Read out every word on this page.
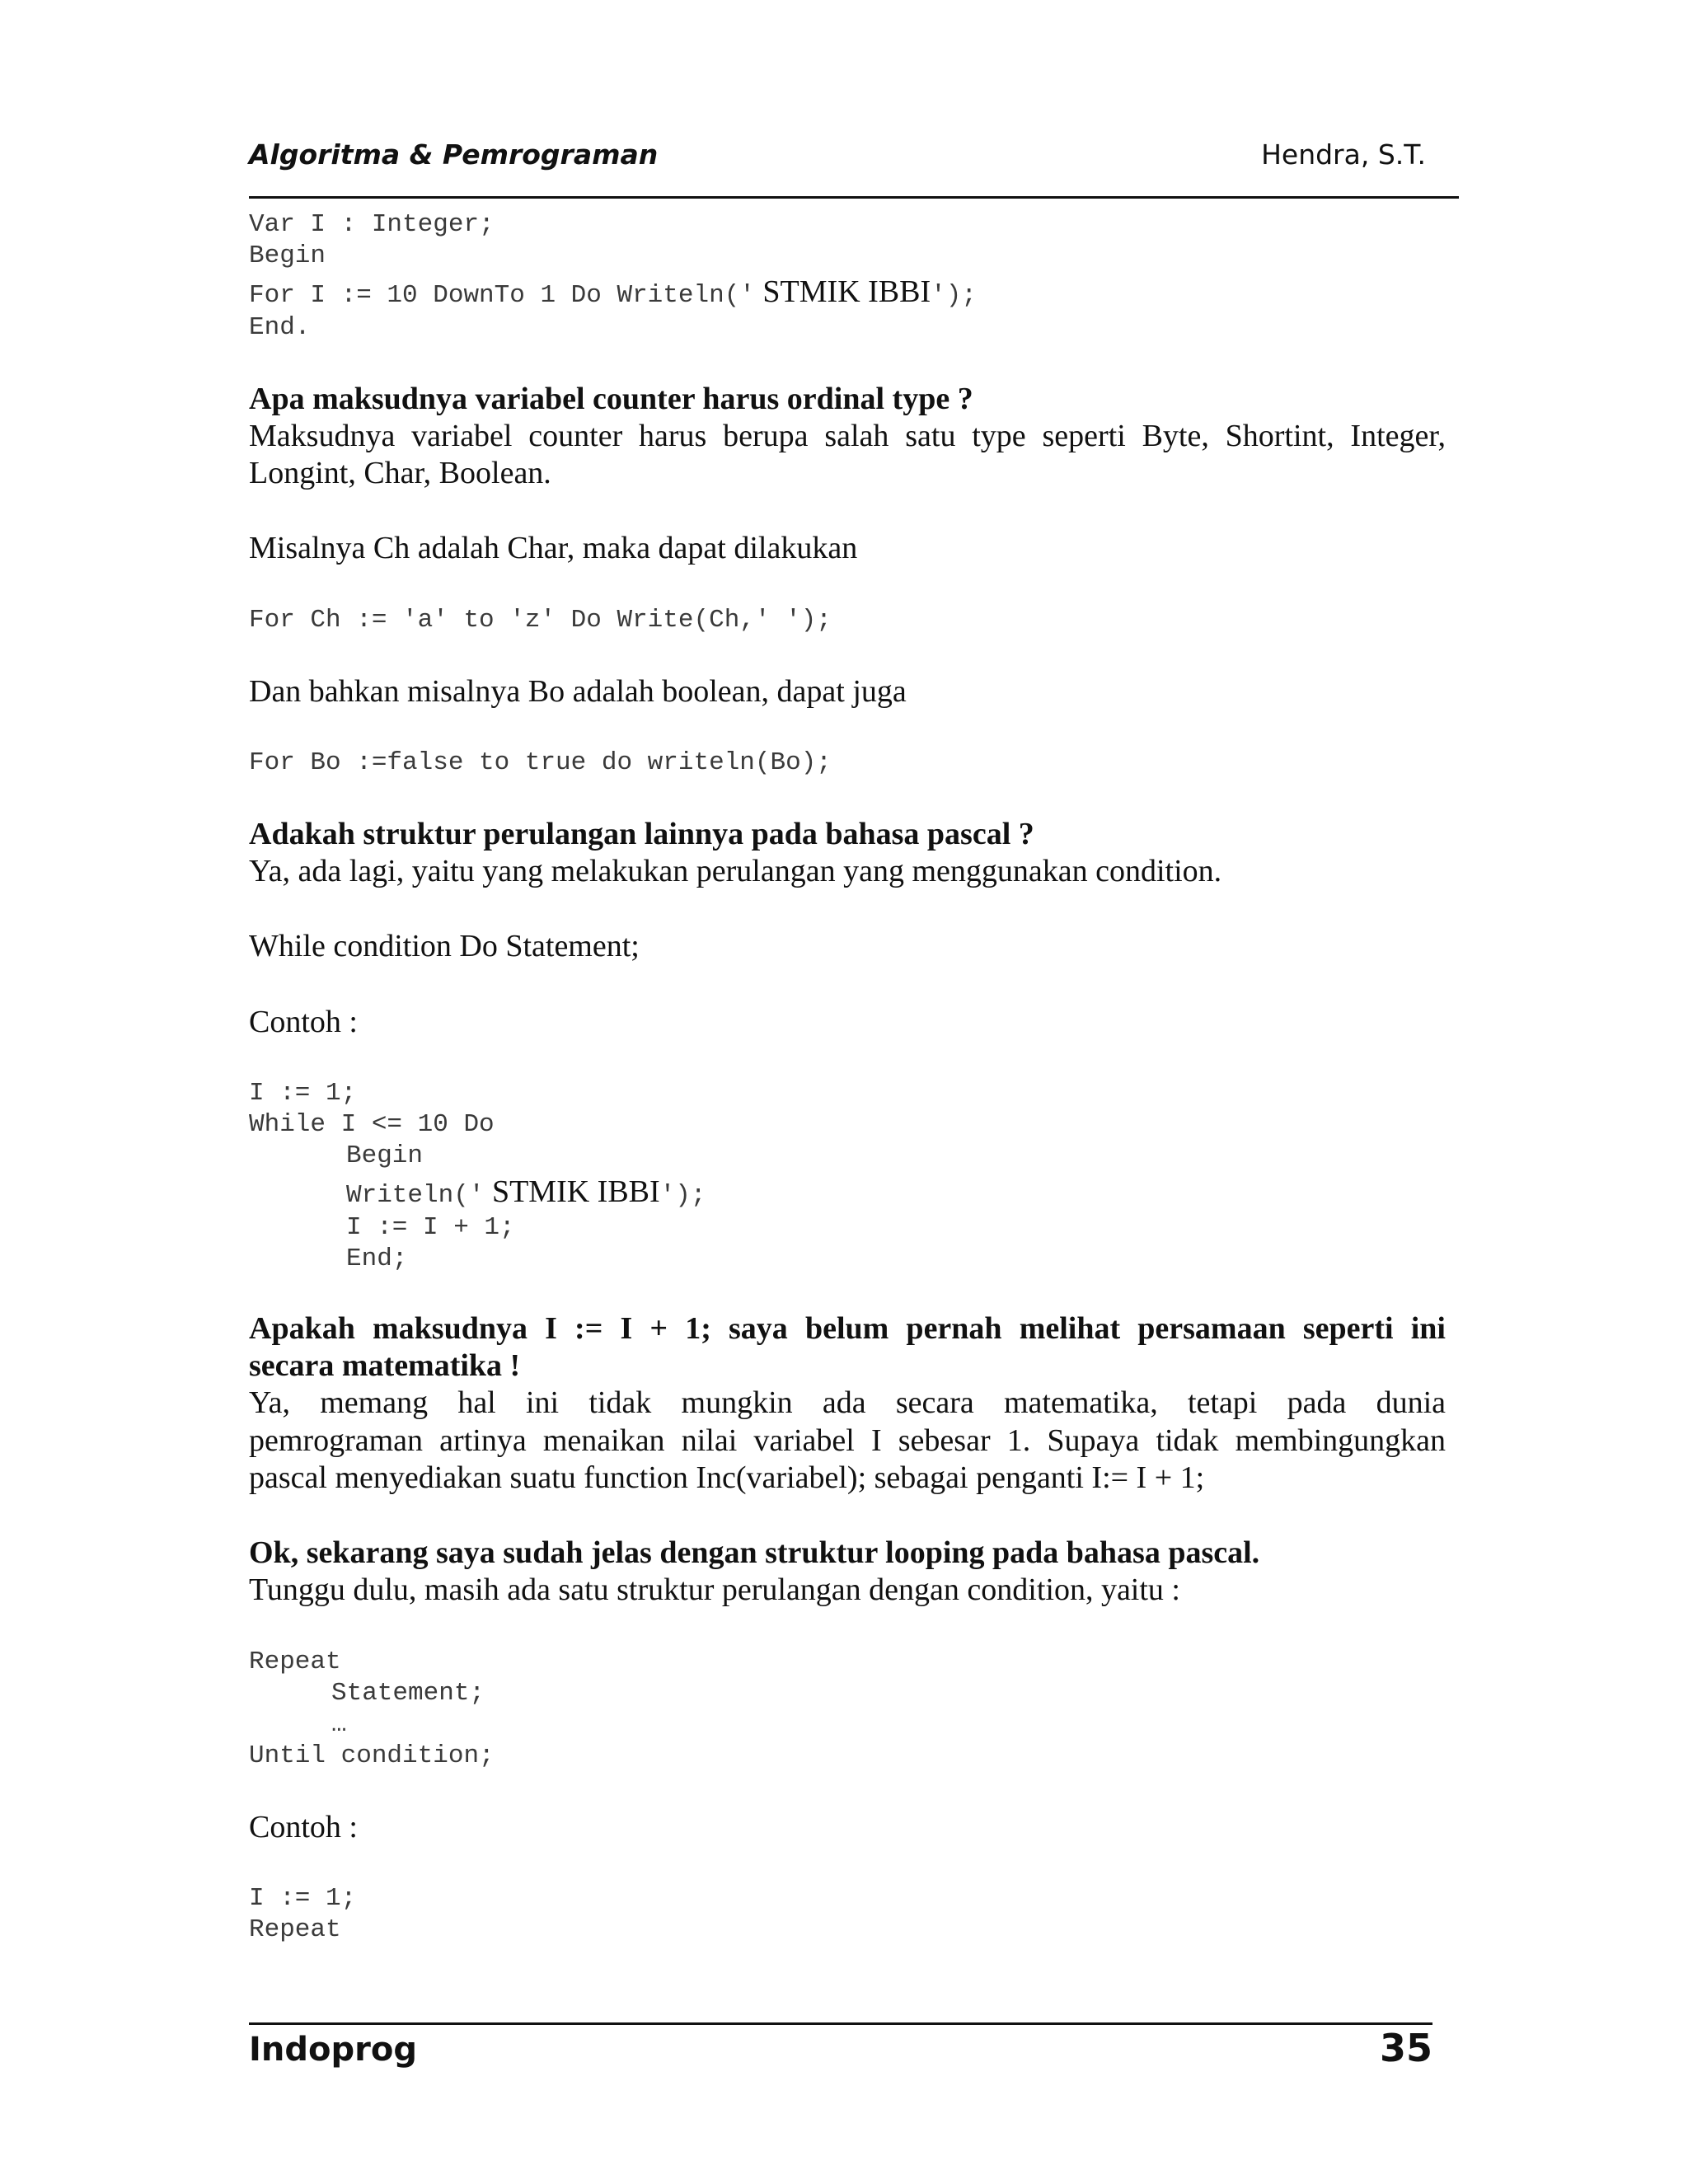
Algoritma & Pemrograman	Hendra, S.T.
Var I : Integer;
Begin
For I := 10 DownTo 1 Do Writeln(' STMIK IBBI');
End.
Apa maksudnya variabel counter harus ordinal type ?
Maksudnya variabel counter harus berupa salah satu type seperti Byte, Shortint, Integer,
Longint, Char, Boolean.
Misalnya Ch adalah Char, maka dapat dilakukan
For Ch := 'a' to 'z' Do Write(Ch,' ');
Dan bahkan misalnya Bo adalah boolean, dapat juga
For Bo :=false to true do writeln(Bo);
Adakah struktur perulangan lainnya pada bahasa pascal ?
Ya, ada lagi, yaitu yang melakukan perulangan yang menggunakan condition.
While condition Do Statement;
Contoh :
I := 1;
While I <= 10 Do
Begin
Writeln(' STMIK IBBI');
I := I + 1;
End;
Apakah maksudnya I := I + 1; saya belum pernah melihat persamaan seperti ini
secara matematika !
Ya, memang hal ini tidak mungkin ada secara matematika, tetapi pada dunia
pemrograman artinya menaikan nilai variabel I sebesar 1. Supaya tidak membingungkan
pascal menyediakan suatu function Inc(variabel); sebagai penganti I:= I + 1;
Ok, sekarang saya sudah jelas dengan struktur looping pada bahasa pascal.
Tunggu dulu, masih ada satu struktur perulangan dengan condition, yaitu :
Repeat
Statement;
…
Until condition;
Contoh :
I := 1;
Repeat
Indoprog	35
